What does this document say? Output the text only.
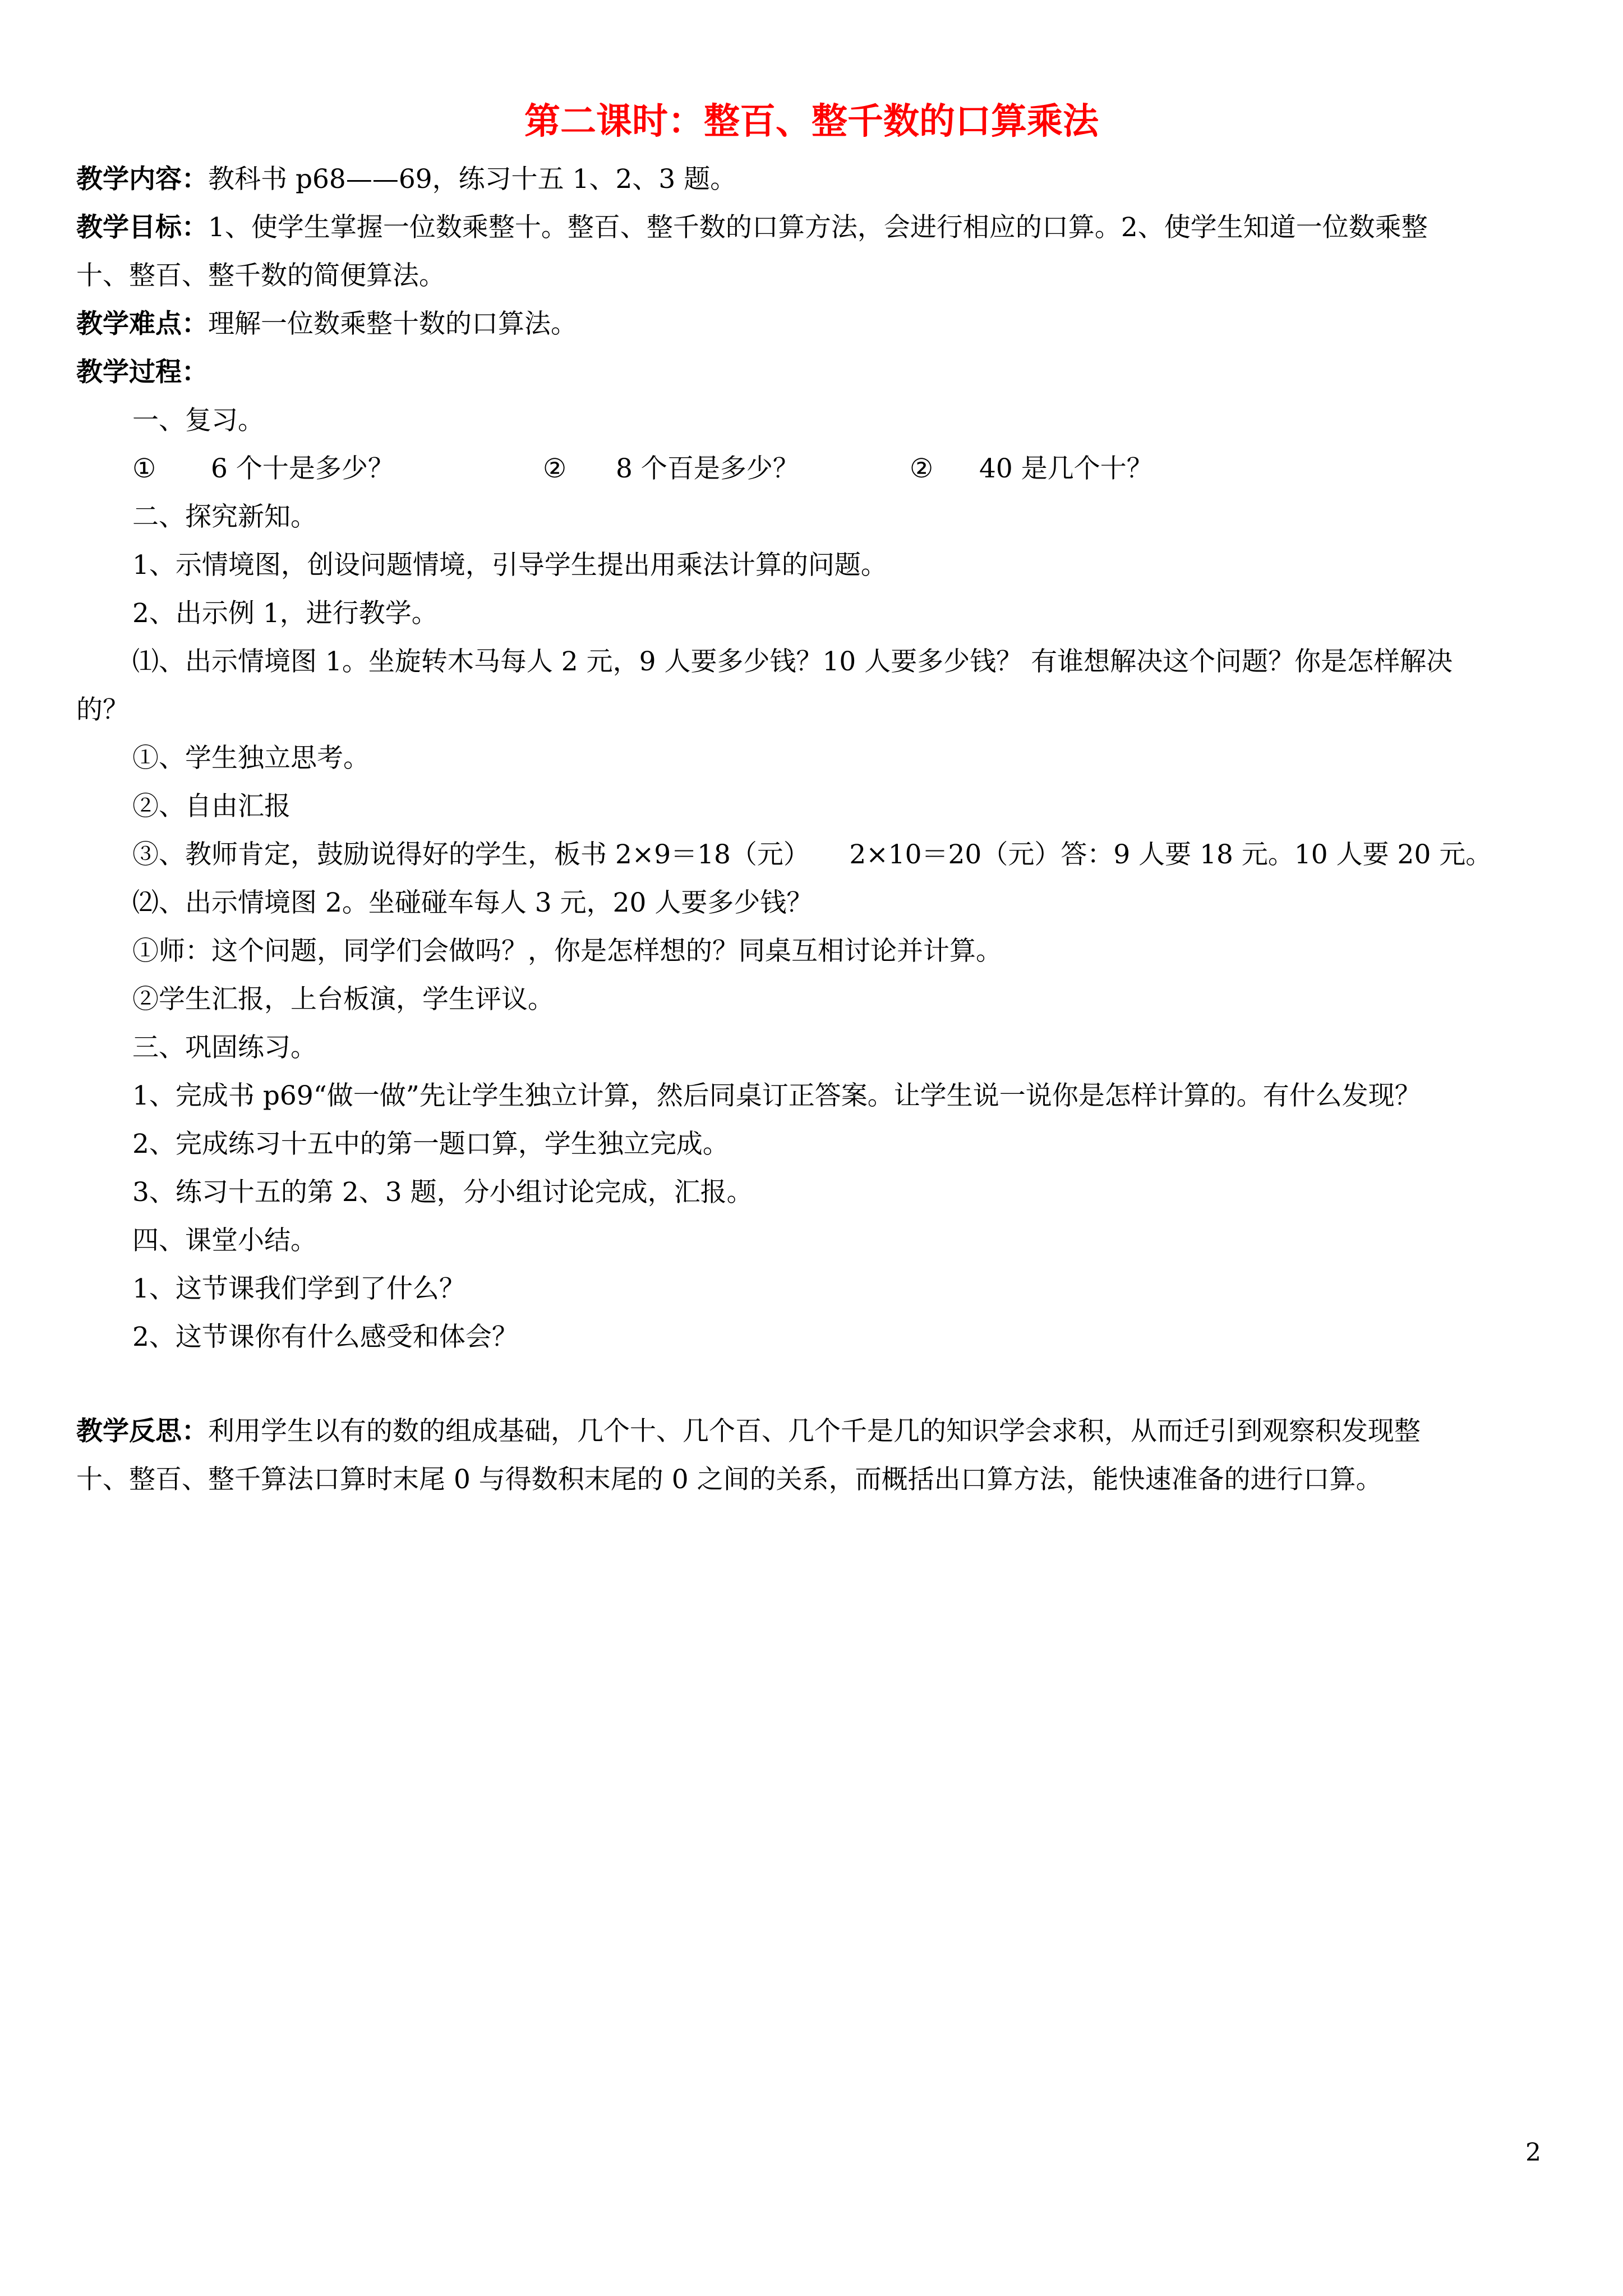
第二课时：整百、整千数的口算乘法
教学内容：教科书 p68——69，练习十五 1、2、3 题。
教学目标：1、使学生掌握一位数乘整十。整百、整千数的口算方法，会进行相应的口算。2、使学生知道一位数乘整
十、整百、整千数的简便算法。
教学难点：理解一位数乘整十数的口算法。
教学过程：
一、复习。
① 6 个十是多少？	② 8 个百是多少？	② 40 是几个十？
二、探究新知。
1、示情境图，创设问题情境，引导学生提出用乘法计算的问题。
2、出示例 1，进行教学。
⑴、出示情境图 1。坐旋转木马每人 2 元，9 人要多少钱？10 人要多少钱？ 有谁想解决这个问题？你是怎样解决
的？
①、学生独立思考。
②、自由汇报
③、教师肯定，鼓励说得好的学生，板书 2×9＝18（元）　　2×10＝20（元）答：9 人要 18 元。10 人要 20 元。
⑵、出示情境图 2。坐碰碰车每人 3 元，20 人要多少钱？
①师：这个问题，同学们会做吗？，你是怎样想的？同桌互相讨论并计算。
②学生汇报，上台板演，学生评议。
三、巩固练习。
1、完成书 p69“做一做”先让学生独立计算，然后同桌订正答案。让学生说一说你是怎样计算的。有什么发现？
2、完成练习十五中的第一题口算，学生独立完成。
3、练习十五的第 2、3 题，分小组讨论完成，汇报。
四、课堂小结。
1、这节课我们学到了什么？
2、这节课你有什么感受和体会？
教学反思：利用学生以有的数的组成基础，几个十、几个百、几个千是几的知识学会求积，从而迁引到观察积发现整
十、整百、整千算法口算时末尾 0 与得数积末尾的 0 之间的关系，而概括出口算方法，能快速准备的进行口算。
2
